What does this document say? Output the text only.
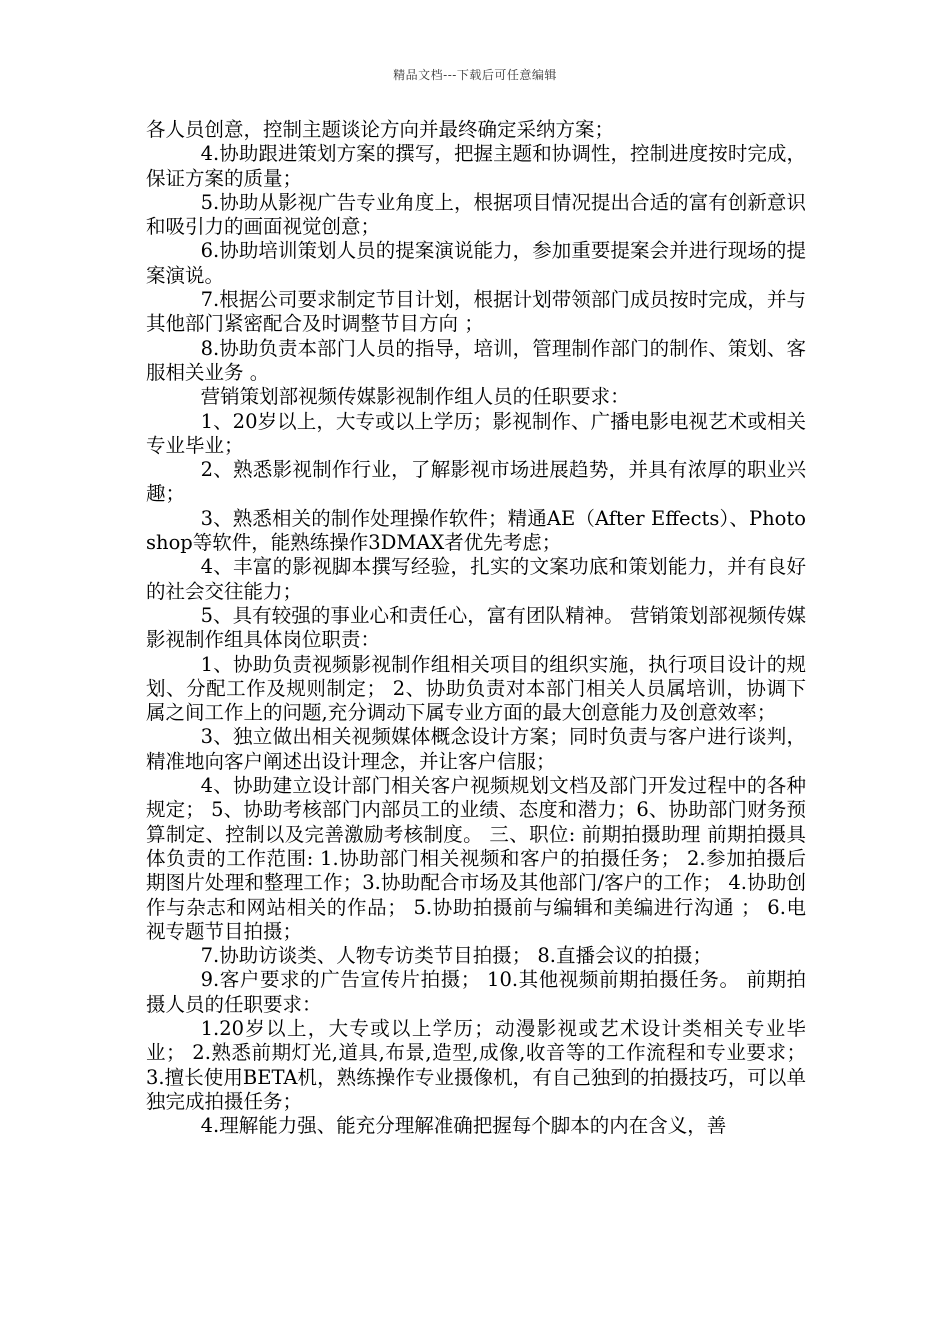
精品文档---下载后可任意编辑

各人员创意，控制主题谈论方向并最终确定采纳方案；

4.协助跟进策划方案的撰写，把握主题和协调性，控制进度按时完成，保证方案的质量；

5.协助从影视广告专业角度上，根据项目情况提出合适的富有创新意识和吸引力的画面视觉创意；

6.协助培训策划人员的提案演说能力，参加重要提案会并进行现场的提案演说。

7.根据公司要求制定节目计划，根据计划带领部门成员按时完成，并与其他部门紧密配合及时调整节目方向 ；

8.协助负责本部门人员的指导，培训，管理制作部门的制作、策划、客服相关业务 。

营销策划部视频传媒影视制作组人员的任职要求：

1、20岁以上，大专或以上学历；影视制作、广播电影电视艺术或相关专业毕业；

2、熟悉影视制作行业，了解影视市场进展趋势，并具有浓厚的职业兴趣；

3、熟悉相关的制作处理操作软件；精通AE（After Effects）、Photoshop等软件，能熟练操作3DMAX者优先考虑；

4、丰富的影视脚本撰写经验，扎实的文案功底和策划能力，并有良好的社会交往能力；

5、具有较强的事业心和责任心，富有团队精神。 营销策划部视频传媒影视制作组具体岗位职责：

1、协助负责视频影视制作组相关项目的组织实施，执行项目设计的规划、分配工作及规则制定； 2、协助负责对本部门相关人员属培训，协调下属之间工作上的问题,充分调动下属专业方面的最大创意能力及创意效率；

3、独立做出相关视频媒体概念设计方案；同时负责与客户进行谈判，精准地向客户阐述出设计理念，并让客户信服；

4、协助建立设计部门相关客户视频规划文档及部门开发过程中的各种规定； 5、协助考核部门内部员工的业绩、态度和潜力；6、协助部门财务预算制定、控制以及完善激励考核制度。 三、职位: 前期拍摄助理 前期拍摄具体负责的工作范围: 1.协助部门相关视频和客户的拍摄任务； 2.参加拍摄后期图片处理和整理工作；3.协助配合市场及其他部门/客户的工作； 4.协助创作与杂志和网站相关的作品； 5.协助拍摄前与编辑和美编进行沟通 ； 6.电视专题节目拍摄；

7.协助访谈类、人物专访类节目拍摄； 8.直播会议的拍摄；

9.客户要求的广告宣传片拍摄； 10.其他视频前期拍摄任务。 前期拍摄人员的任职要求：

1.20岁以上，大专或以上学历；动漫影视或艺术设计类相关专业毕业； 2.熟悉前期灯光,道具,布景,造型,成像,收音等的工作流程和专业要求； 3.擅长使用BETA机，熟练操作专业摄像机，有自己独到的拍摄技巧，可以单独完成拍摄任务；

4.理解能力强、能充分理解准确把握每个脚本的内在含义，善
